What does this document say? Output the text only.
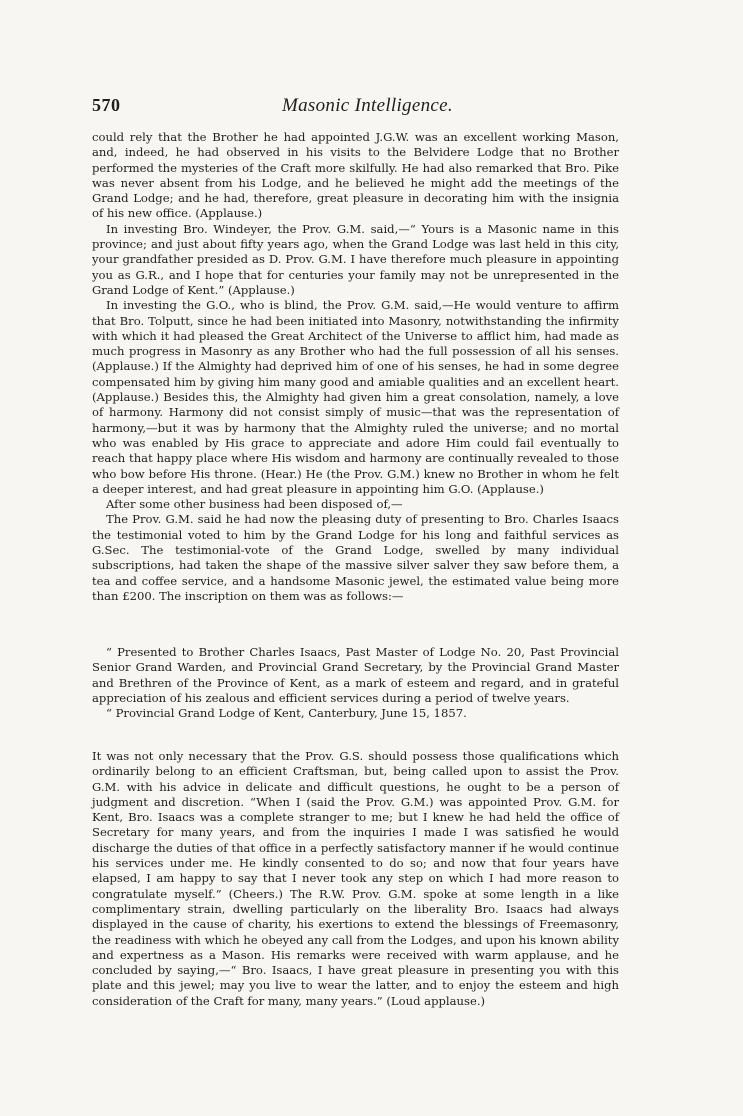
570	Masonic Intelligence.

could rely that the Brother he had appointed J.G.W. was an excellent working Mason, and, indeed, he had observed in his visits to the Belvidere Lodge that no Brother performed the mysteries of the Craft more skilfully. He had also remarked that Bro. Pike was never absent from his Lodge, and he believed he might add the meetings of the Grand Lodge; and he had, therefore, great pleasure in decorating him with the insignia of his new office. (Applause.)

In investing Bro. Windeyer, the Prov. G.M. said,—“ Yours is a Masonic name in this province; and just about fifty years ago, when the Grand Lodge was last held in this city, your grandfather presided as D. Prov. G.M. I have therefore much pleasure in appointing you as G.R., and I hope that for centuries your family may not be unrepresented in the Grand Lodge of Kent.” (Applause.)

In investing the G.O., who is blind, the Prov. G.M. said,—He would venture to affirm that Bro. Tolputt, since he had been initiated into Masonry, notwithstanding the infirmity with which it had pleased the Great Architect of the Universe to afflict him, had made as much progress in Masonry as any Brother who had the full possession of all his senses. (Applause.) If the Almighty had deprived him of one of his senses, he had in some degree compensated him by giving him many good and amiable qualities and an excellent heart. (Applause.) Besides this, the Almighty had given him a great consolation, namely, a love of harmony. Harmony did not consist simply of music—that was the representation of harmony,—but it was by harmony that the Almighty ruled the universe; and no mortal who was enabled by His grace to appreciate and adore Him could fail eventually to reach that happy place where His wisdom and harmony are continually revealed to those who bow before His throne. (Hear.) He (the Prov. G.M.) knew no Brother in whom he felt a deeper interest, and had great pleasure in appointing him G.O. (Applause.)

After some other business had been disposed of,—

The Prov. G.M. said he had now the pleasing duty of presenting to Bro. Charles Isaacs the testimonial voted to him by the Grand Lodge for his long and faithful services as G.Sec. The testimonial-vote of the Grand Lodge, swelled by many individual subscriptions, had taken the shape of the massive silver salver they saw before them, a tea and coffee service, and a handsome Masonic jewel, the estimated value being more than £200. The inscription on them was as follows:—

“ Presented to Brother Charles Isaacs, Past Master of Lodge No. 20, Past Provincial Senior Grand Warden, and Provincial Grand Secretary, by the Provincial Grand Master and Brethren of the Province of Kent, as a mark of esteem and regard, and in grateful appreciation of his zealous and efficient services during a period of twelve years.

“ Provincial Grand Lodge of Kent, Canterbury, June 15, 1857.

It was not only necessary that the Prov. G.S. should possess those qualifications which ordinarily belong to an efficient Craftsman, but, being called upon to assist the Prov. G.M. with his advice in delicate and difficult questions, he ought to be a person of judgment and discretion. “When I (said the Prov. G.M.) was appointed Prov. G.M. for Kent, Bro. Isaacs was a complete stranger to me; but I knew he had held the office of Secretary for many years, and from the inquiries I made I was satisfied he would discharge the duties of that office in a perfectly satisfactory manner if he would continue his services under me. He kindly consented to do so; and now that four years have elapsed, I am happy to say that I never took any step on which I had more reason to congratulate myself.” (Cheers.) The R.W. Prov. G.M. spoke at some length in a like complimentary strain, dwelling particularly on the liberality Bro. Isaacs had always displayed in the cause of charity, his exertions to extend the blessings of Freemasonry, the readiness with which he obeyed any call from the Lodges, and upon his known ability and expertness as a Mason. His remarks were received with warm applause, and he concluded by saying,—“ Bro. Isaacs, I have great pleasure in presenting you with this plate and this jewel; may you live to wear the latter, and to enjoy the esteem and high consideration of the Craft for many, many years.” (Loud applause.)
